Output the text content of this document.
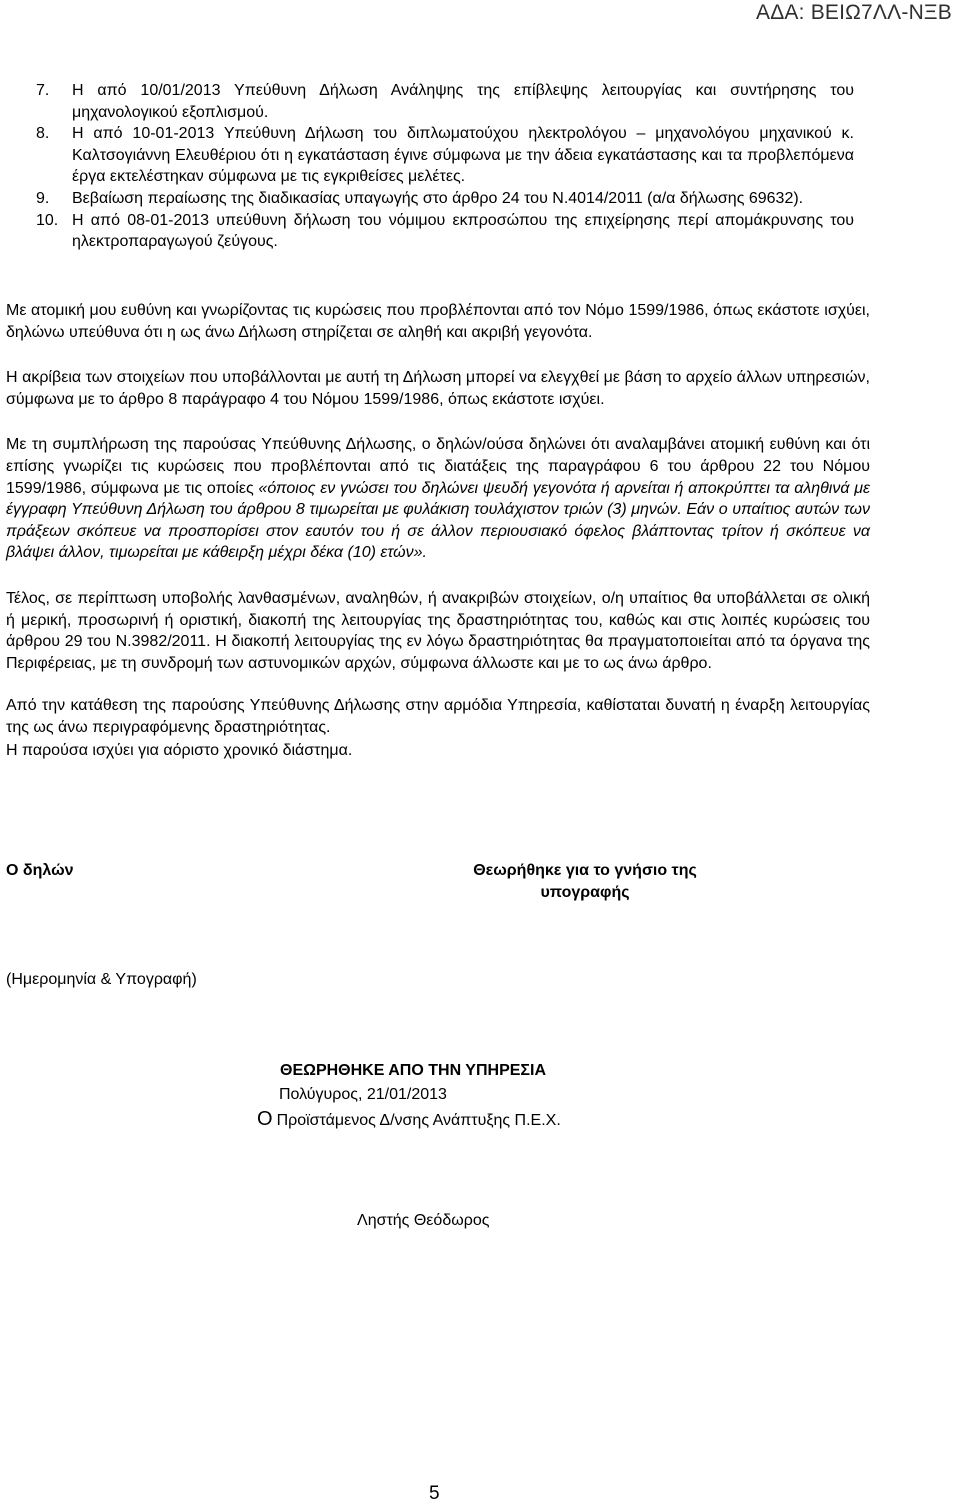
ΑΔΑ: ΒΕΙΩ7ΛΛ-ΝΞΒ
7.	Η από 10/01/2013 Υπεύθυνη Δήλωση Ανάληψης της επίβλεψης λειτουργίας και συντήρησης του μηχανολογικού εξοπλισμού.
8.	Η από 10-01-2013 Υπεύθυνη Δήλωση του διπλωματούχου ηλεκτρολόγου – μηχανολόγου μηχανικού κ. Καλτσογιάννη Ελευθέριου ότι η εγκατάσταση έγινε σύμφωνα με την άδεια εγκατάστασης και τα προβλεπόμενα έργα εκτελέστηκαν σύμφωνα με τις εγκριθείσες μελέτες.
9.	Βεβαίωση περαίωσης της διαδικασίας υπαγωγής στο άρθρο 24 του Ν.4014/2011 (α/α δήλωσης 69632).
10. Η από 08-01-2013 υπεύθυνη δήλωση του νόμιμου εκπροσώπου της επιχείρησης περί απομάκρυνσης του ηλεκτροπαραγωγού ζεύγους.

Με ατομική μου ευθύνη και γνωρίζοντας τις κυρώσεις που προβλέπονται από τον Νόμο 1599/1986, όπως εκάστοτε ισχύει, δηλώνω υπεύθυνα ότι η ως άνω Δήλωση στηρίζεται σε αληθή και ακριβή γεγονότα.

Η ακρίβεια των στοιχείων που υποβάλλονται με αυτή τη Δήλωση μπορεί να ελεγχθεί με βάση το αρχείο άλλων υπηρεσιών, σύμφωνα με το άρθρο 8 παράγραφο 4 του Νόμου 1599/1986, όπως εκάστοτε ισχύει.

Με τη συμπλήρωση της παρούσας Υπεύθυνης Δήλωσης, ο δηλών/ούσα δηλώνει ότι αναλαμβάνει ατομική ευθύνη και ότι επίσης γνωρίζει τις κυρώσεις που προβλέπονται από τις διατάξεις της παραγράφου 6 του άρθρου 22 του Νόμου 1599/1986, σύμφωνα με τις οποίες «όποιος εν γνώσει του δηλώνει ψευδή γεγονότα ή αρνείται ή αποκρύπτει τα αληθινά με έγγραφη Υπεύθυνη Δήλωση του άρθρου 8 τιμωρείται με φυλάκιση τουλάχιστον τριών (3) μηνών. Εάν ο υπαίτιος αυτών των πράξεων σκόπευε να προσπορίσει στον εαυτόν του ή σε άλλον περιουσιακό όφελος βλάπτοντας τρίτον ή σκόπευε να βλάψει άλλον, τιμωρείται με κάθειρξη μέχρι δέκα (10) ετών».

Τέλος, σε περίπτωση υποβολής λανθασμένων, αναληθών, ή ανακριβών στοιχείων, ο/η υπαίτιος θα υποβάλλεται σε ολική ή μερική, προσωρινή ή οριστική, διακοπή της λειτουργίας της δραστηριότητας του, καθώς και στις λοιπές κυρώσεις του άρθρου 29 του Ν.3982/2011. Η διακοπή λειτουργίας της εν λόγω δραστηριότητας θα πραγματοποιείται από τα όργανα της Περιφέρειας, με τη συνδρομή των αστυνομικών αρχών, σύμφωνα άλλωστε και με το ως άνω άρθρο.

Από την κατάθεση της παρούσης Υπεύθυνης Δήλωσης στην αρμόδια Υπηρεσία, καθίσταται δυνατή η έναρξη λειτουργίας της ως άνω περιγραφόμενης δραστηριότητας.

Η παρούσα ισχύει για αόριστο χρονικό διάστημα.

Ο δηλών	Θεωρήθηκε για το γνήσιο της υπογραφής
(Ημερομηνία & Υπογραφή)
ΘΕΩΡΗΘΗΚΕ ΑΠΟ ΤΗΝ ΥΠΗΡΕΣΙΑ
Πολύγυρος, 21/01/2013
Ο Προϊστάμενος Δ/νσης Ανάπτυξης Π.Ε.Χ.
Ληστής Θεόδωρος
5
